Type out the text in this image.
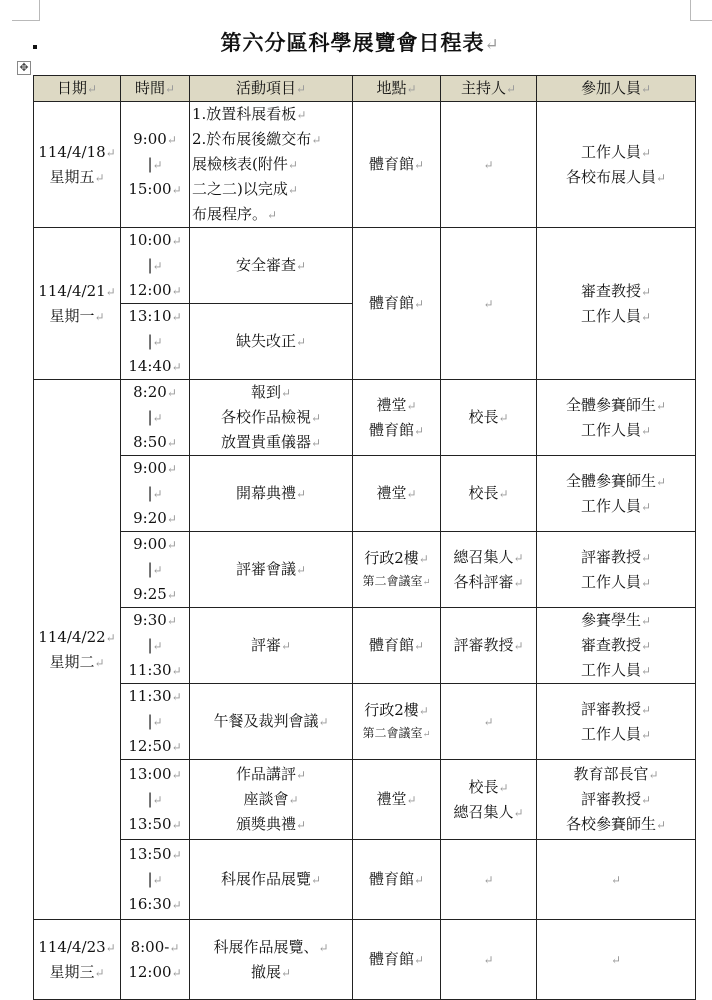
第六分區科學展覽會日程表↵
✥
日期↵	時間↵	活動項目↵	地點↵	主持人↵	參加人員↵

114/4/18↵
星期五↵	9:00↵
|↵
15:00↵	1.放置科展看板↵
2.於布展後繳交布↵
展檢核表(附件↵
二之二)以完成↵
布展程序。↵	體育館↵	↵	工作人員↵
各校布展人員↵

114/4/21↵
星期一↵	10:00↵
|↵
12:00↵	安全審查↵	體育館↵	↵	審查教授↵
工作人員↵

	13:10↵
|↵
14:40↵	缺失改正↵			

114/4/22↵
星期二↵	8:20↵
|↵
8:50↵	報到↵
各校作品檢視↵
放置貴重儀器↵	禮堂↵
體育館↵	校長↵	全體參賽師生↵
工作人員↵

	9:00↵
|↵
9:20↵	開幕典禮↵	禮堂↵	校長↵	全體參賽師生↵
工作人員↵

	9:00↵
|↵
9:25↵	評審會議↵	行政2樓↵
第二會議室↵	總召集人↵
各科評審↵	評審教授↵
工作人員↵

	9:30↵
|↵
11:30↵	評審↵	體育館↵	評審教授↵	參賽學生↵
審查教授↵
工作人員↵

	11:30↵
|↵
12:50↵	午餐及裁判會議↵	行政2樓↵
第二會議室↵	↵	評審教授↵
工作人員↵

	13:00↵
|↵
13:50↵	作品講評↵
座談會↵
頒獎典禮↵	禮堂↵	校長↵
總召集人↵	教育部長官↵
評審教授↵
各校參賽師生↵

	13:50↵
|↵
16:30↵	科展作品展覽↵	體育館↵	↵	↵

114/4/23↵
星期三↵	8:00-↵
12:00↵	科展作品展覽、↵
撤展↵	體育館↵	↵	↵
